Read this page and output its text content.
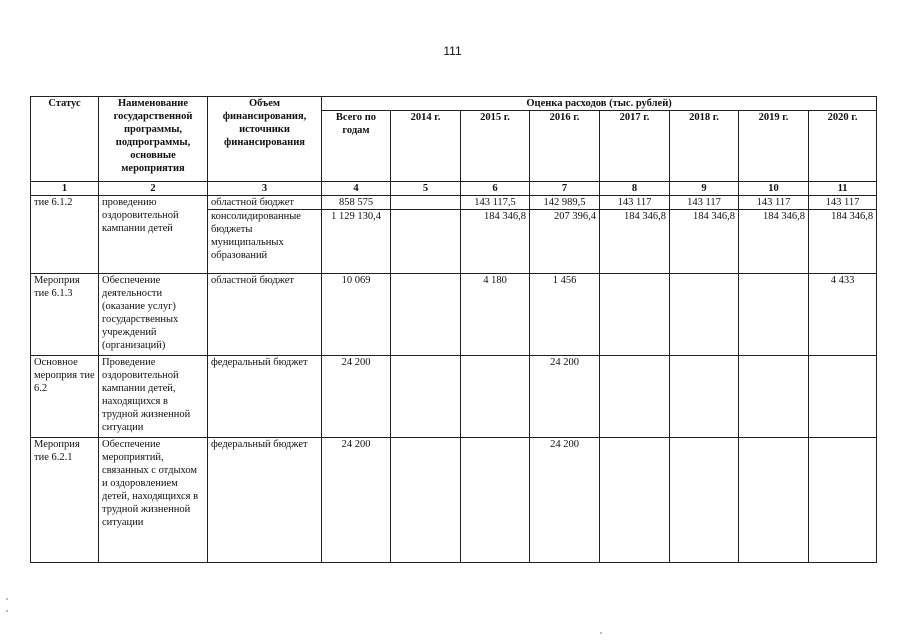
111
Статус	Наименование государственной программы, подпрограммы, основные мероприятия	Объем финансирования, источники финансирования	Оценка расходов (тыс. рублей)							
			Всего по годам	2014 г.	2015 г.	2016 г.	2017 г.	2018 г.	2019 г.	2020 г.
1	2	3	4	5	6	7	8	9	10	11
тие 6.1.2	проведению оздоровительной кампании детей	областной бюджет	858 575		143 117,5	142 989,5	143 117	143 117	143 117	143 117
		консолидированные бюджеты муниципальных образований	1 129 130,4		184 346,8	207 396,4	184 346,8	184 346,8	184 346,8	184 346,8
Мероприя тие 6.1.3	Обеспечение деятельности (оказание услуг) государственных учреждений (организаций)	областной бюджет	10 069		4 180	1 456				4 433
Основное мероприя тие 6.2	Проведение оздоровительной кампании детей, находящихся в трудной жизненной ситуации	федеральный бюджет	24 200			24 200				
Мероприя тие 6.2.1	Обеспечение мероприятий, связанных с отдыхом и оздоровлением детей, находящихся в трудной жизненной ситуации	федеральный бюджет	24 200			24 200				
